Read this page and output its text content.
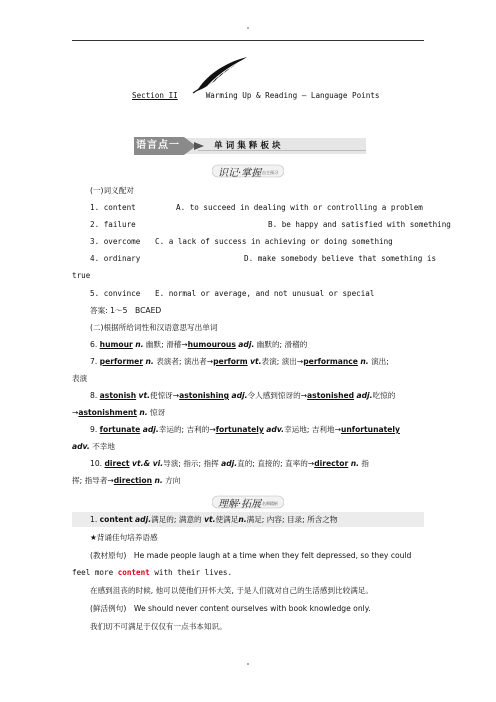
Section II	Warming Up & Reading — Language Points
语言点一	单词集释板块
识记·掌握 自主预习
(一)词义配对
1. content	A. to succeed in dealing with or controlling a problem
2. failure	B. be happy and satisfied with something
3. overcome C. a lack of success in achieving or doing something
4. ordinary	D. make somebody believe that something is
true
5. convince E. normal or average, and not unusual or special
答案: 1～5　BCAED
(二)根据所给词性和汉语意思写出单词
6. humour n. 幽默; 滑稽→humourous adj. 幽默的; 滑稽的
7. performer n. 表演者; 演出者→perform vt.表演; 演出→performance n. 演出;
表演
8. astonish vt.使惊讶→astonishing adj.令人感到惊讶的→astonished adj.吃惊的
→astonishment n. 惊讶
9. fortunate adj.幸运的; 吉利的→fortunately adv.幸运地; 吉利地→unfortunately
adv. 不幸地
10. direct vt.& vi.导演; 指示; 指挥 adj.直的; 直接的; 直率的→director n. 指
挥; 指导者→direction n. 方向
理解·拓展 名师精析
1. content adj.满足的; 满意的 vt.使满足n.满足; 内容; 目录; 所含之物
★背诵佳句培养语感
(教材原句)　 He made people laugh at a time when they felt depressed, so they could
feel more content with their lives.
在感到沮丧的时候, 他可以使他们开怀大笑, 于是人们就对自己的生活感到比较满足。
(鲜活例句)　 We should never content ourselves with book knowledge only.
我们切不可满足于仅仅有一点书本知识。
